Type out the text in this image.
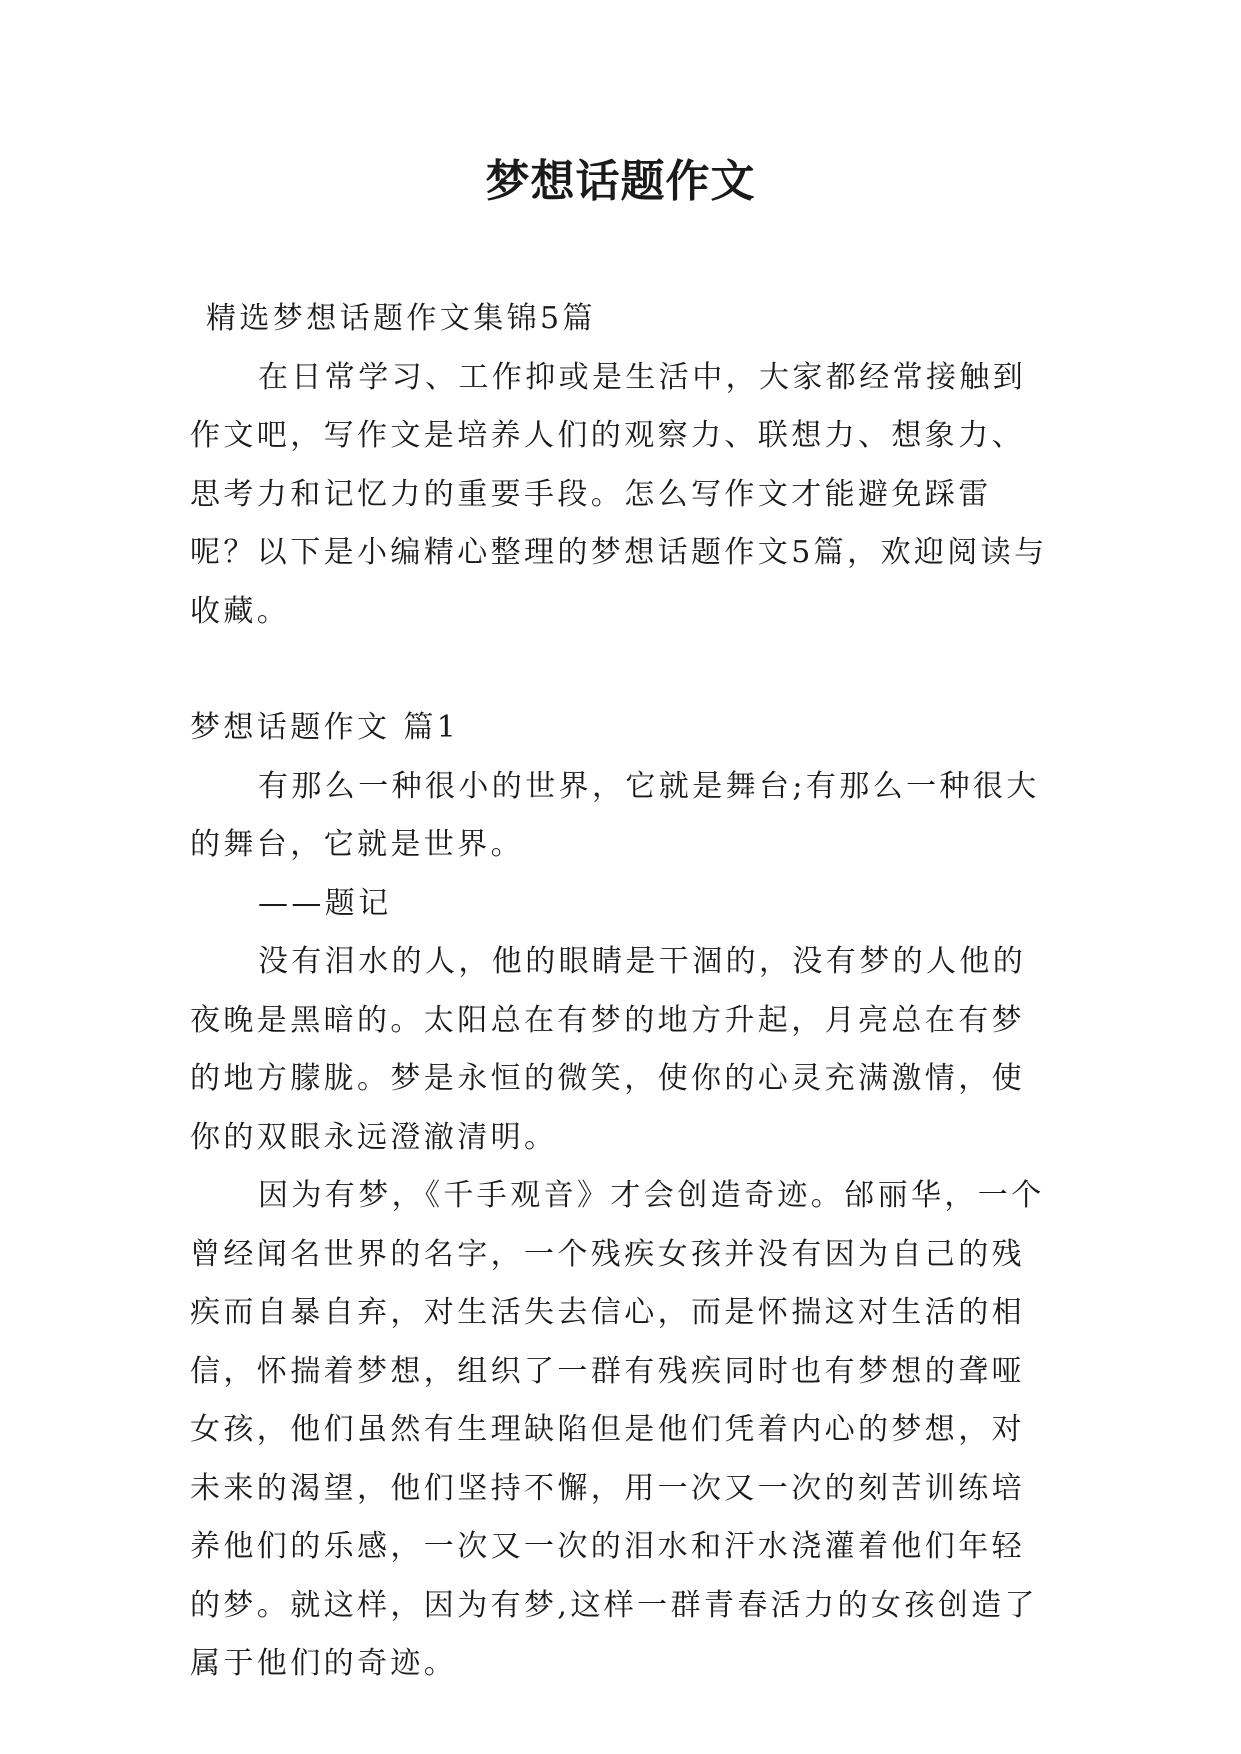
梦想话题作文

精选梦想话题作文集锦5篇

在日常学习、工作抑或是生活中，大家都经常接触到作文吧，写作文是培养人们的观察力、联想力、想象力、思考力和记忆力的重要手段。怎么写作文才能避免踩雷呢？以下是小编精心整理的梦想话题作文5篇，欢迎阅读与收藏。

梦想话题作文 篇1

有那么一种很小的世界，它就是舞台;有那么一种很大的舞台，它就是世界。

——题记

没有泪水的人，他的眼睛是干涸的，没有梦的人他的夜晚是黑暗的。太阳总在有梦的地方升起，月亮总在有梦的地方朦胧。梦是永恒的微笑，使你的心灵充满激情，使你的双眼永远澄澈清明。

因为有梦，《千手观音》才会创造奇迹。邰丽华，一个曾经闻名世界的名字，一个残疾女孩并没有因为自己的残疾而自暴自弃，对生活失去信心，而是怀揣这对生活的相信，怀揣着梦想，组织了一群有残疾同时也有梦想的聋哑女孩，他们虽然有生理缺陷但是他们凭着内心的梦想，对未来的渴望，他们坚持不懈，用一次又一次的刻苦训练培养他们的乐感，一次又一次的泪水和汗水浇灌着他们年轻的梦。就这样，因为有梦,这样一群青春活力的女孩创造了属于他们的奇迹。
